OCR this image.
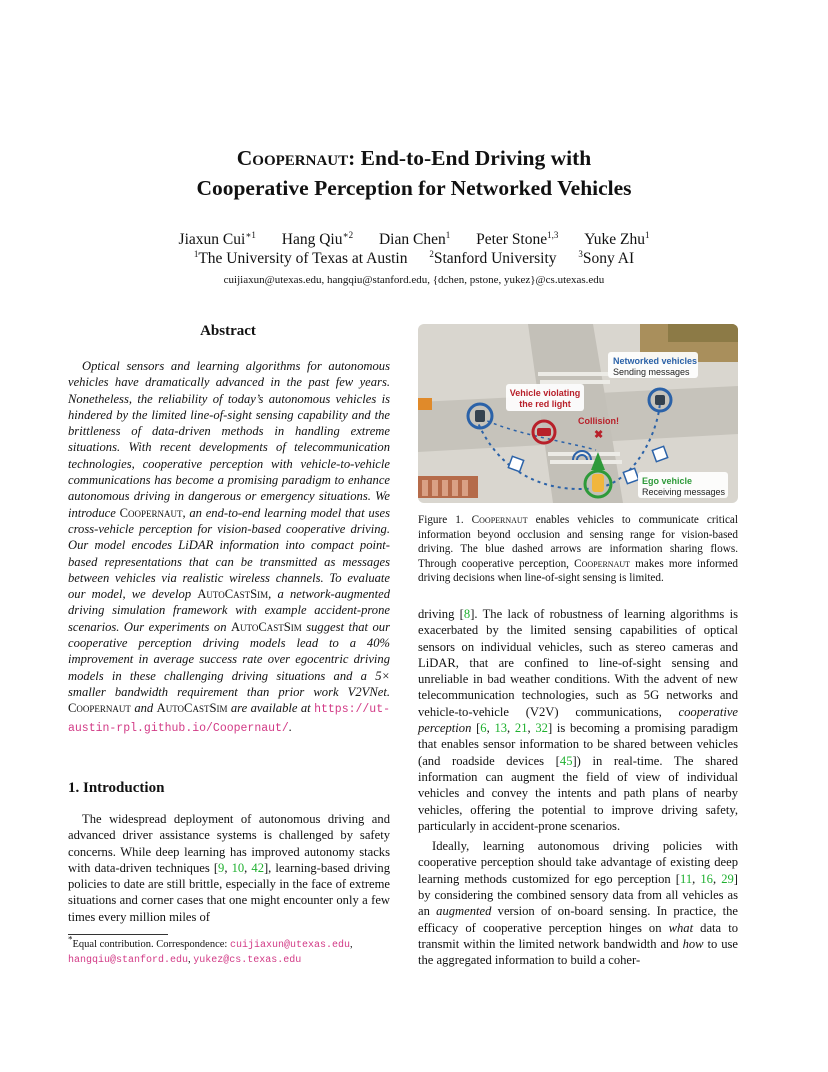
Coopernaut: End-to-End Driving with
Cooperative Perception for Networked Vehicles
Jiaxun Cui$^{∗1}$ Hang Qiu$^{∗2}$ Dian Chen$^1$ Peter Stone$^{1,3}$ Yuke Zhu$^1$
$^1$The University of Texas at Austin $^2$Stanford University $^3$Sony AI
cuijiaxun@utexas.edu, hangqiu@stanford.edu, {dchen, pstone, yukez}@cs.utexas.edu
Abstract

Optical sensors and learning algorithms for autonomous vehicles have dramatically advanced in the past few years. Nonetheless, the reliability of today’s autonomous vehicles is hindered by the limited line-of-sight sensing capability and the brittleness of data-driven methods in handling extreme situations. With recent developments of telecommunication technologies, cooperative perception with vehicle-to-vehicle communications has become a promising paradigm to enhance autonomous driving in dangerous or emergency situations. We introduce Coopernaut, an end-to-end learning model that uses cross-vehicle perception for vision-based cooperative driving. Our model encodes LiDAR information into compact point-based representations that can be transmitted as messages between vehicles via realistic wireless channels. To evaluate our model, we develop AutoCastSim, a network-augmented driving simulation framework with example accident-prone scenarios. Our experiments on AutoCastSim suggest that our cooperative perception driving models lead to a 40% improvement in average success rate over egocentric driving models in these challenging driving situations and a 5× smaller bandwidth requirement than prior work V2VNet. Coopernaut and AutoCastSim are available at https://ut-austin-rpl.github.io/Coopernaut/.

1. Introduction

The widespread deployment of autonomous driving and advanced driver assistance systems is challenged by safety concerns. While deep learning has improved autonomy stacks with data-driven techniques [9, 10, 42], learning-based driving policies to date are still brittle, especially in the face of extreme situations and corner cases that one might encounter only a few times every million miles of

*Equal contribution. Correspondence: cuijiaxun@utexas.edu, hangqiu@stanford.edu, yukez@cs.texas.edu
✖
Networked vehicles
Sending messages
Vehicle violating
the red light
Collision!
Ego vehicle
Receiving messages
Figure 1. Coopernaut enables vehicles to communicate critical information beyond occlusion and sensing range for vision-based driving. The blue dashed arrows are information sharing flows. Through cooperative perception, Coopernaut makes more informed driving decisions when line-of-sight sensing is limited.

driving [8]. The lack of robustness of learning algorithms is exacerbated by the limited sensing capabilities of optical sensors on individual vehicles, such as stereo cameras and LiDAR, that are confined to line-of-sight sensing and unreliable in bad weather conditions. With the advent of new telecommunication technologies, such as 5G networks and vehicle-to-vehicle (V2V) communications, cooperative perception [6, 13, 21, 32] is becoming a promising paradigm that enables sensor information to be shared between vehicles (and roadside devices [45]) in real-time. The shared information can augment the field of view of individual vehicles and convey the intents and path plans of nearby vehicles, offering the potential to improve driving safety, particularly in accident-prone scenarios.

Ideally, learning autonomous driving policies with cooperative perception should take advantage of existing deep learning methods customized for ego perception [11, 16, 29] by considering the combined sensory data from all vehicles as an augmented version of on-board sensing. In practice, the efficacy of cooperative perception hinges on what data to transmit within the limited network bandwidth and how to use the aggregated information to build a coher-
